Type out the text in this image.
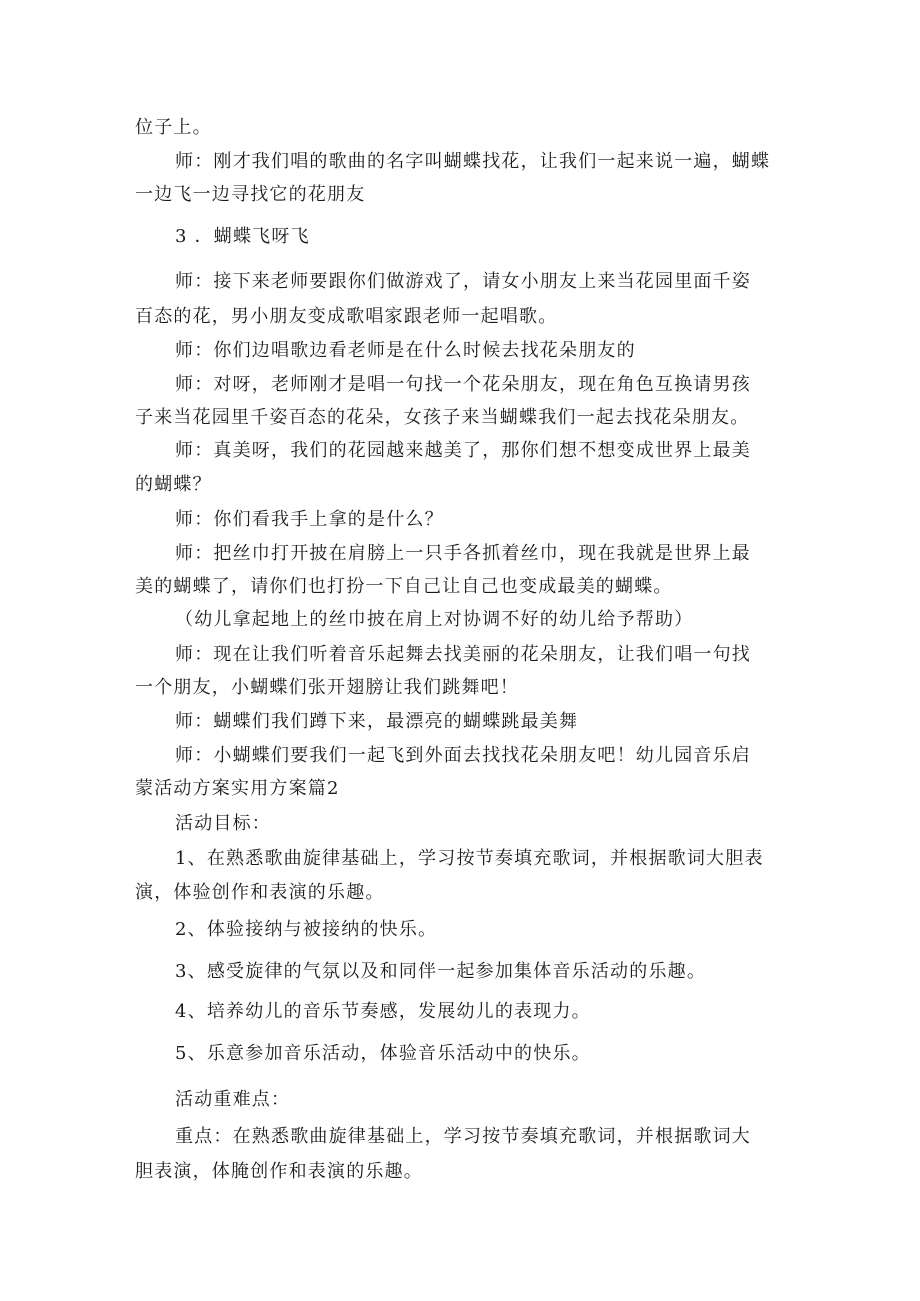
位子上。
师：刚才我们唱的歌曲的名字叫蝴蝶找花，让我们一起来说一遍，蝴蝶
一边飞一边寻找它的花朋友
3 ．蝴蝶飞呀飞
师：接下来老师要跟你们做游戏了，请女小朋友上来当花园里面千姿
百态的花，男小朋友变成歌唱家跟老师一起唱歌。
师：你们边唱歌边看老师是在什么时候去找花朵朋友的
师：对呀，老师刚才是唱一句找一个花朵朋友，现在角色互换请男孩
子来当花园里千姿百态的花朵，女孩子来当蝴蝶我们一起去找花朵朋友。
师：真美呀，我们的花园越来越美了，那你们想不想变成世界上最美
的蝴蝶？
师：你们看我手上拿的是什么？
师：把丝巾打开披在肩膀上一只手各抓着丝巾，现在我就是世界上最
美的蝴蝶了，请你们也打扮一下自己让自己也变成最美的蝴蝶。
（幼儿拿起地上的丝巾披在肩上对协调不好的幼儿给予帮助）
师：现在让我们听着音乐起舞去找美丽的花朵朋友，让我们唱一句找
一个朋友，小蝴蝶们张开翅膀让我们跳舞吧！
师：蝴蝶们我们蹲下来，最漂亮的蝴蝶跳最美舞
师：小蝴蝶们要我们一起飞到外面去找找花朵朋友吧！幼儿园音乐启
蒙活动方案实用方案篇2
活动目标：
1、在熟悉歌曲旋律基础上，学习按节奏填充歌词，并根据歌词大胆表
演，体验创作和表演的乐趣。
2、体验接纳与被接纳的快乐。
3、感受旋律的气氛以及和同伴一起参加集体音乐活动的乐趣。
4、培养幼儿的音乐节奏感，发展幼儿的表现力。
5、乐意参加音乐活动，体验音乐活动中的快乐。
活动重难点：
重点：在熟悉歌曲旋律基础上，学习按节奏填充歌词，并根据歌词大
胆表演，体腌创作和表演的乐趣。
